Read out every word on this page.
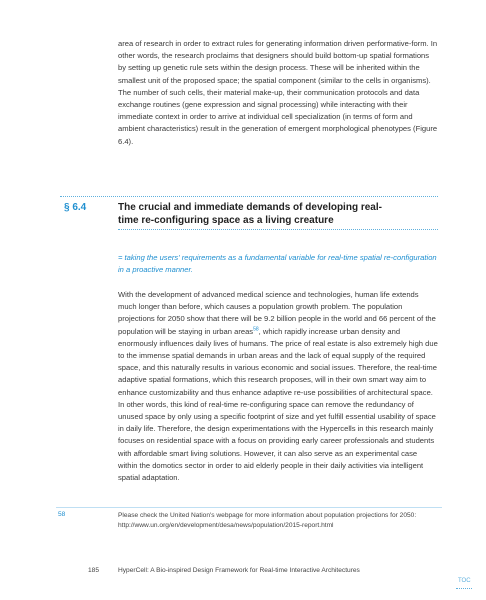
area of research in order to extract rules for generating information driven performative-form. In other words, the research proclaims that designers should build bottom-up spatial formations by setting up genetic rule sets within the design process. These will be inherited within the smallest unit of the proposed space; the spatial component (similar to the cells in organisms). The number of such cells, their material make-up, their communication protocols and data exchange routines (gene expression and signal processing) while interacting with their immediate context in order to arrive at individual cell specialization (in terms of form and ambient characteristics) result in the generation of emergent morphological phenotypes (Figure 6.4).

§ 6.4	The crucial and immediate demands of developing real-time re-configuring space as a living creature

= taking the users' requirements as a fundamental variable for real-time spatial re-configuration in a proactive manner.

With the development of advanced medical science and technologies, human life extends much longer than before, which causes a population growth problem. The population projections for 2050 show that there will be 9.2 billion people in the world and 66 percent of the population will be staying in urban areas$^{58}$, which rapidly increase urban density and enormously influences daily lives of humans. The price of real estate is also extremely high due to the immense spatial demands in urban areas and the lack of equal supply of the required space, and this naturally results in various economic and social issues. Therefore, the real-time adaptive spatial formations, which this research proposes, will in their own smart way aim to enhance customizability and thus enhance adaptive re-use possibilities of architectural space. In other words, this kind of real-time re-configuring space can remove the redundancy of unused space by only using a specific footprint of size and yet fulfill essential usability of space in daily life. Therefore, the design experimentations with the Hypercells in this research mainly focuses on residential space with a focus on providing early career professionals and students with affordable smart living solutions. However, it can also serve as an experimental case within the domotics sector in order to aid elderly people in their daily activities via intelligent spatial adaptation.

58	Please check the United Nation's webpage for more information about population projections for 2050: http://www.un.org/en/development/desa/news/population/2015-report.html

185	HyperCell: A Bio-inspired Design Framework for Real-time Interactive Architectures

TOC
